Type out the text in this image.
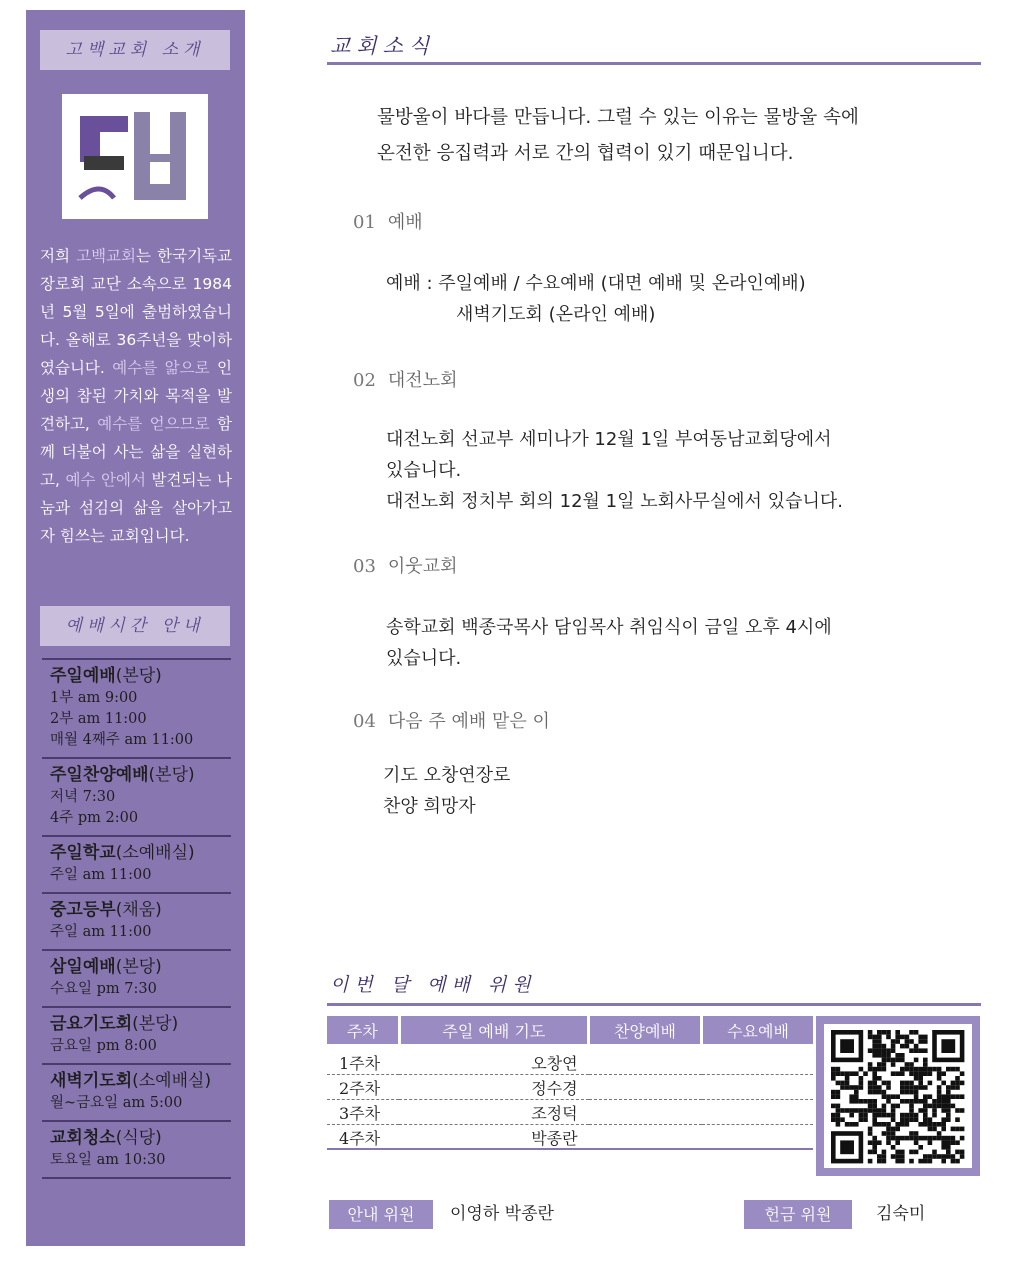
고백교회 소개
저희 고백교회는 한국기독교장로회 교단 소속으로 1984년 5월 5일에 출범하였습니다. 올해로 36주년을 맞이하였습니다. 예수를 앎으로 인생의 참된 가치와 목적을 발견하고, 예수를 얻으므로 함께 더불어 사는 삶을 실현하고, 예수 안에서 발견되는 나눔과 섬김의 삶을 살아가고자 힘쓰는 교회입니다.
예배시간 안내
주일예배(본당)
1부 am 9:00
2부 am 11:00
매월 4째주 am 11:00
주일찬양예배(본당)
저녁 7:30
4주 pm 2:00
주일학교(소예배실)
주일 am 11:00
중고등부(채움)
주일 am 11:00
삼일예배(본당)
수요일 pm 7:30
금요기도회(본당)
금요일 pm 8:00
새벽기도회(소예배실)
월~금요일 am 5:00
교회청소(식당)
토요일 am 10:30
교회소식
물방울이 바다를 만듭니다. 그럴 수 있는 이유는 물방울 속에
온전한 응집력과 서로 간의 협력이 있기 때문입니다.
01 예배
예배 : 주일예배 / 수요예배 (대면 예배 및 온라인예배)
새벽기도회 (온라인 예배)
02 대전노회
대전노회 선교부 세미나가 12월 1일 부여동남교회당에서
있습니다.
대전노회 정치부 회의 12월 1일 노회사무실에서 있습니다.
03 이웃교회
송학교회 백종국목사 담임목사 취임식이 금일 오후 4시에
있습니다.
04 다음 주 예배 맡은 이
기도 오창연장로
찬양 희망자
이번 달 예배 위원
주차	주일 예배 기도	찬양예배	수요예배

1주차	오창연		
2주차	정수경		
3주차	조정덕		
4주차	박종란		
안내 위원	이영하 박종란	헌금 위원	김숙미
